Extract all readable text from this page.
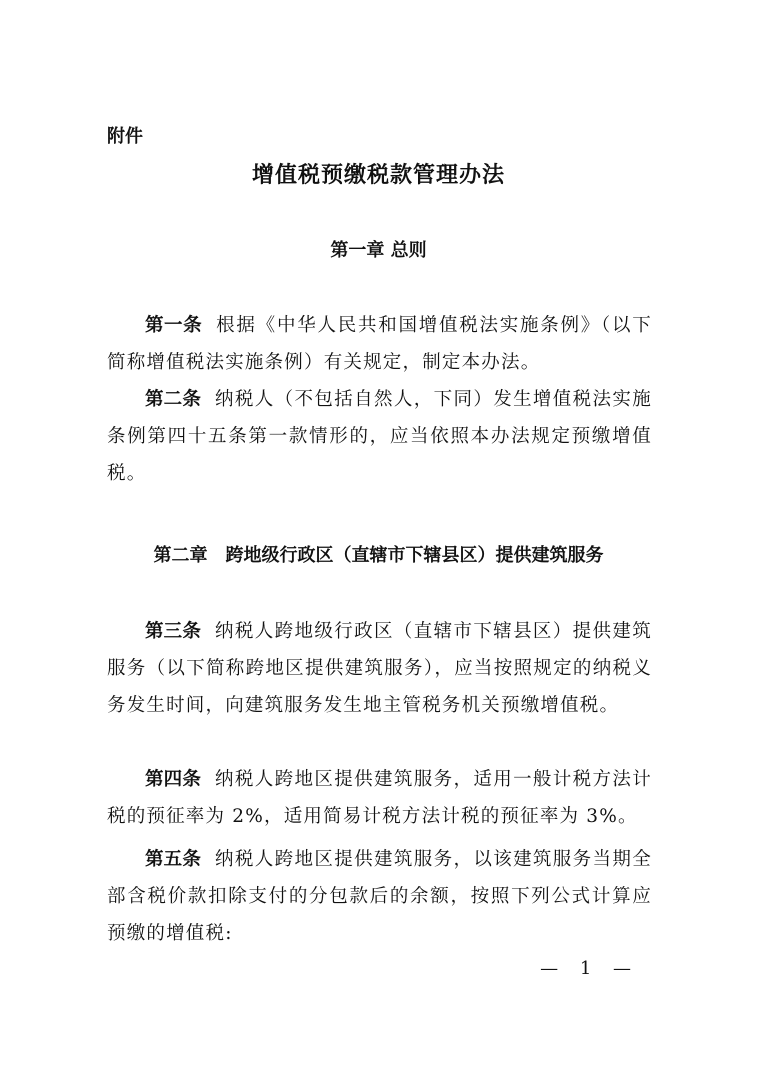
附件
增值税预缴税款管理办法
第一章 总则
第一条 根据《中华人民共和国增值税法实施条例》（以下简称增值税法实施条例）有关规定，制定本办法。
第二条 纳税人（不包括自然人，下同）发生增值税法实施条例第四十五条第一款情形的，应当依照本办法规定预缴增值税。
第二章　跨地级行政区（直辖市下辖县区）提供建筑服务
第三条 纳税人跨地级行政区（直辖市下辖县区）提供建筑服务（以下简称跨地区提供建筑服务），应当按照规定的纳税义务发生时间，向建筑服务发生地主管税务机关预缴增值税。
第四条 纳税人跨地区提供建筑服务，适用一般计税方法计税的预征率为 2%，适用简易计税方法计税的预征率为 3%。
第五条 纳税人跨地区提供建筑服务，以该建筑服务当期全部含税价款扣除支付的分包款后的余额，按照下列公式计算应预缴的增值税:
— 1 —
